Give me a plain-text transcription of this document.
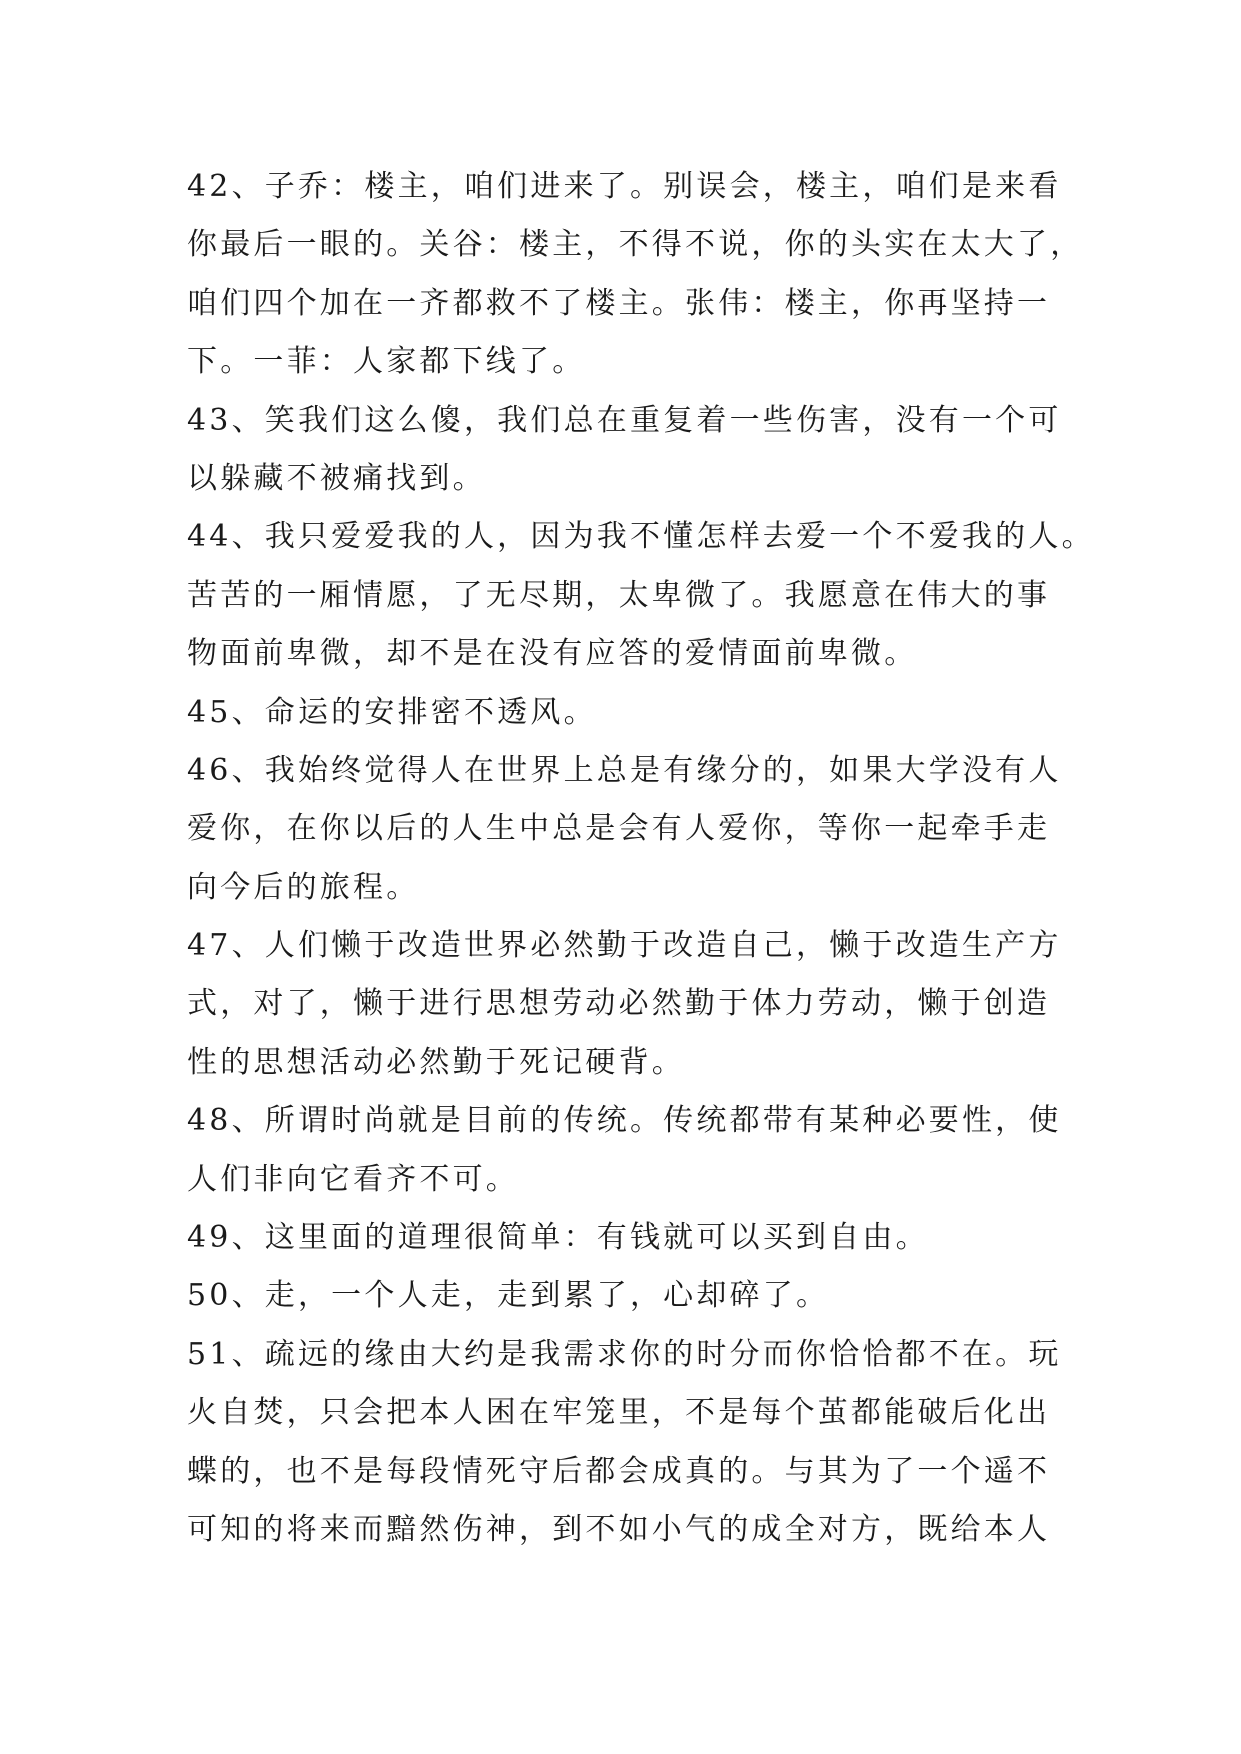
42、子乔：楼主，咱们进来了。别误会，楼主，咱们是来看
你最后一眼的。关谷：楼主，不得不说，你的头实在太大了，
咱们四个加在一齐都救不了楼主。张伟：楼主，你再坚持一
下。一菲：人家都下线了。
43、笑我们这么傻，我们总在重复着一些伤害，没有一个可
以躲藏不被痛找到。
44、我只爱爱我的人，因为我不懂怎样去爱一个不爱我的人。
苦苦的一厢情愿，了无尽期，太卑微了。我愿意在伟大的事
物面前卑微，却不是在没有应答的爱情面前卑微。
45、命运的安排密不透风。
46、我始终觉得人在世界上总是有缘分的，如果大学没有人
爱你，在你以后的人生中总是会有人爱你，等你一起牵手走
向今后的旅程。
47、人们懒于改造世界必然勤于改造自己，懒于改造生产方
式，对了，懒于进行思想劳动必然勤于体力劳动，懒于创造
性的思想活动必然勤于死记硬背。
48、所谓时尚就是目前的传统。传统都带有某种必要性，使
人们非向它看齐不可。
49、这里面的道理很简单：有钱就可以买到自由。
50、走，一个人走，走到累了，心却碎了。
51、疏远的缘由大约是我需求你的时分而你恰恰都不在。玩
火自焚，只会把本人困在牢笼里，不是每个茧都能破后化出
蝶的，也不是每段情死守后都会成真的。与其为了一个遥不
可知的将来而黯然伤神，到不如小气的成全对方，既给本人
